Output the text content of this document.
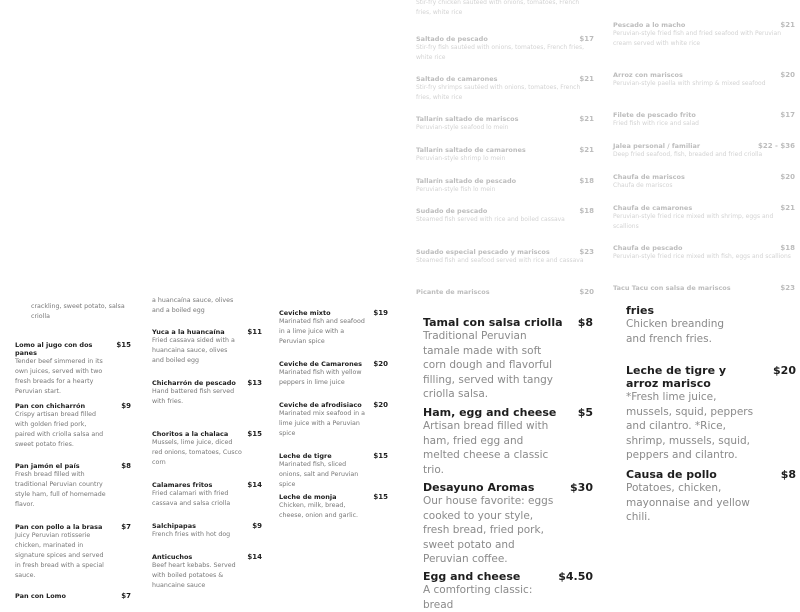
Stir-fry chicken sautéed with onions, tomatoes, French fries, white rice
Saltado de pescado	$17
Stir-fry fish sautéed with onions, tomatoes, French fries, white rice
Saltado de camarones	$21
Stir-fry shrimps sautéed with onions, tomatoes, French fries, white rice
Tallarín saltado de mariscos	$21
Peruvian-style seafood lo mein
Tallarín saltado de camarones	$21
Peruvian-style shrimp lo mein
Tallarín saltado de pescado	$18
Peruvian-style fish lo mein
Sudado de pescado	$18
Steamed fish served with rice and boiled cassava
Sudado especial pescado y mariscos	$23
Steamed fish and seafood served with rice and cassava
Picante de mariscos	$20
Pescado a lo macho	$21
Peruvian-style fried fish and fried seafood with Peruvian cream served with white rice
Arroz con mariscos	$20
Peruvian-style paella with shrimp & mixed seafood
Filete de pescado frito	$17
Fried fish with rice and salad
Jalea personal / familiar	$22 - $36
Deep fried seafood, fish, breaded and fried criolla
Chaufa de mariscos	$20
Chaufa de mariscos
Chaufa de camarones	$21
Peruvian-style fried rice mixed with shrimp, eggs and scallions
Chaufa de pescado	$18
Peruvian-style fried rice mixed with fish, eggs and scallions
Tacu Tacu con salsa de mariscos	$23
crackling, sweet potato, salsa criolla
Lomo al jugo con dos panes
$15
Tender beef simmered in its own juices, served with two fresh breads for a hearty Peruvian start.
Pan con chicharrón	$9
Crispy artisan bread filled with golden fried pork, paired with criolla salsa and sweet potato fries.
Pan jamón el país	$8
Fresh bread filled with traditional Peruvian country style ham, full of homemade flavor.
Pan con pollo a la brasa	$7
Juicy Peruvian rotisserie chicken, marinated in signature spices and served in fresh bread with a special sauce.
Pan con Lomo	$7
a huancaína sauce, olives and a boiled egg
Yuca a la huancaína	$11
Fried cassava sided with a huancaina sauce, olives and boiled egg
Chicharrón de pescado $13
Hand battered fish served with fries.
Choritos a la chalaca	$15
Mussels, lime juice, diced red onions, tomatoes, Cusco corn
Calamares fritos	$14
Fried calamari with fried cassava and salsa criolla
Salchipapas	$9
French fries with hot dog
Anticuchos	$14
Beef heart kebabs. Served with boiled potatoes & huancaine sauce
Ceviche mixto	$19
Marinated fish and seafood in a lime juice with a Peruvian spice
Ceviche de Camarones $20
Marinated fish with yellow peppers in lime juice
Ceviche de afrodisiaco $20
Marinated mix seafood in a lime juice with a Peruvian spice
Leche de tigre	$15
Marinated fish, sliced onions, salt and Peruvian spice
Leche de monja	$15
Chicken, milk, bread, cheese, onion and garlic.
Tamal con salsa criolla $8
Traditional Peruvian tamale made with soft corn dough and flavorful filling, served with tangy criolla salsa.
Ham, egg and cheese $5
Artisan bread filled with ham, fried egg and melted cheese a classic trio.
Desayuno Aromas	$30
Our house favorite: eggs cooked to your style, fresh bread, fried pork, sweet potato and Peruvian coffee.
Egg and cheese	$4.50
A comforting classic: bread
fries
Chicken breanding and french fries.
Leche de tigre y arroz marisco
$20
*Fresh lime juice, mussels, squid, peppers and cilantro. *Rice, shrimp, mussels, squid, peppers and cilantro.
Causa de pollo	$8
Potatoes, chicken, mayonnaise and yellow chili.
